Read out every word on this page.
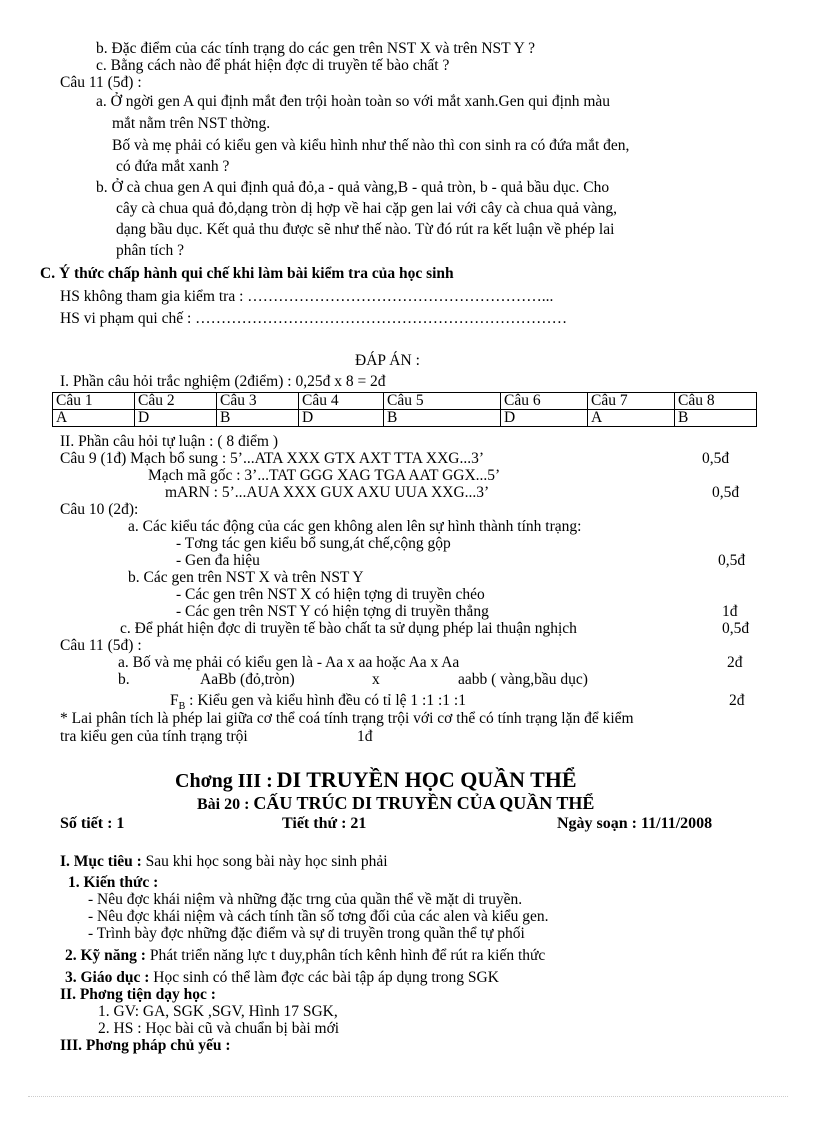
b. Đặc điểm của các tính trạng do các gen trên NST X và trên NST Y ?
c. Bằng cách nào để phát hiện đợc di truyền tế bào chất ?
Câu 11 (5đ) :
a. Ở ngời gen A qui định mắt đen trội hoàn toàn so với mắt xanh.Gen qui định màu
mắt nằm trên NST thờng.
Bố và mẹ phải có kiểu gen và kiểu hình như thế nào thì con sinh ra có đứa mắt đen,
có đứa mắt xanh ?
b. Ở cà chua gen A qui định quả đỏ,a - quả vàng,B - quả tròn, b - quả bầu dục. Cho
cây cà chua quả đỏ,dạng tròn dị hợp về hai cặp gen lai với cây cà chua quả vàng,
dạng bầu dục. Kết quả thu được sẽ như thế nào. Từ đó rút ra kết luận về phép lai
phân tích ?
C. Ý thức chấp hành qui chế khi làm bài kiểm tra của học sinh
HS không tham gia kiểm tra : …………………………………………………...
HS vi phạm qui chế : ………………………………………………………………
ĐÁP ÁN :
I. Phần câu hỏi trắc nghiệm (2điểm) : 0,25đ x 8 = 2đ
Câu 1	Câu 2	Câu 3	Câu 4	Câu 5	Câu 6	Câu 7	Câu 8
A	D	B	D	B	D	A	B
II. Phần câu hỏi tự luận : ( 8 điểm )
Câu 9 (1đ) Mạch bổ sung : 5’...ATA XXX GTX AXT TTA XXG...3’	0,5đ
Mạch mã gốc : 3’...TAT GGG XAG TGA AAT GGX...5’
mARN : 5’...AUA XXX GUX AXU UUA XXG...3’	0,5đ
Câu 10 (2đ):
a. Các kiểu tác động của các gen không alen lên sự hình thành tính trạng:
- Tơng tác gen kiểu bổ sung,át chế,cộng gộp
- Gen đa hiệu	0,5đ
b. Các gen trên NST X và trên NST Y
- Các gen trên NST X có hiện tợng di truyền chéo
- Các gen trên NST Y có hiện tợng di truyền thẳng	1đ
c. Để phát hiện đợc di truyền tế bào chất ta sử dụng phép lai thuận nghịch	0,5đ
Câu 11 (5đ) :
a. Bố và mẹ phải có kiểu gen là - Aa x aa hoặc Aa x Aa	2đ
b.	AaBb (đỏ,tròn)	x	aabb ( vàng,bầu dục)
$F_B$ : Kiểu gen và kiểu hình đều có tỉ lệ 1 :1 :1 :1	2đ
* Lai phân tích là phép lai giữa cơ thể coá tính trạng trội với cơ thể có tính trạng lặn để kiểm
tra kiểu gen của tính trạng trội	1đ
Chơng III : DI TRUYỀN HỌC QUẦN THỂ
Bài 20 : CẤU TRÚC DI TRUYỀN CỦA QUẦN THỂ
Số tiết : 1	Tiết thứ : 21	Ngày soạn : 11/11/2008
I. Mục tiêu : Sau khi học song bài này học sinh phải
1. Kiến thức :
- Nêu đợc khái niệm và những đặc trng của quần thể về mặt di truyền.
- Nêu đợc khái niệm và cách tính tần số tơng đối của các alen và kiểu gen.
- Trình bày đợc những đặc điểm và sự di truyền trong quần thể tự phối
2. Kỹ năng : Phát triển năng lực t duy,phân tích kênh hình để rút ra kiến thức
3. Giáo dục : Học sinh có thể làm đợc các bài tập áp dụng trong SGK
II. Phơng tiện dạy học :
1. GV: GA, SGK ,SGV, Hình 17 SGK,
2. HS : Học bài cũ và chuẩn bị bài mới
III. Phơng pháp chủ yếu :
